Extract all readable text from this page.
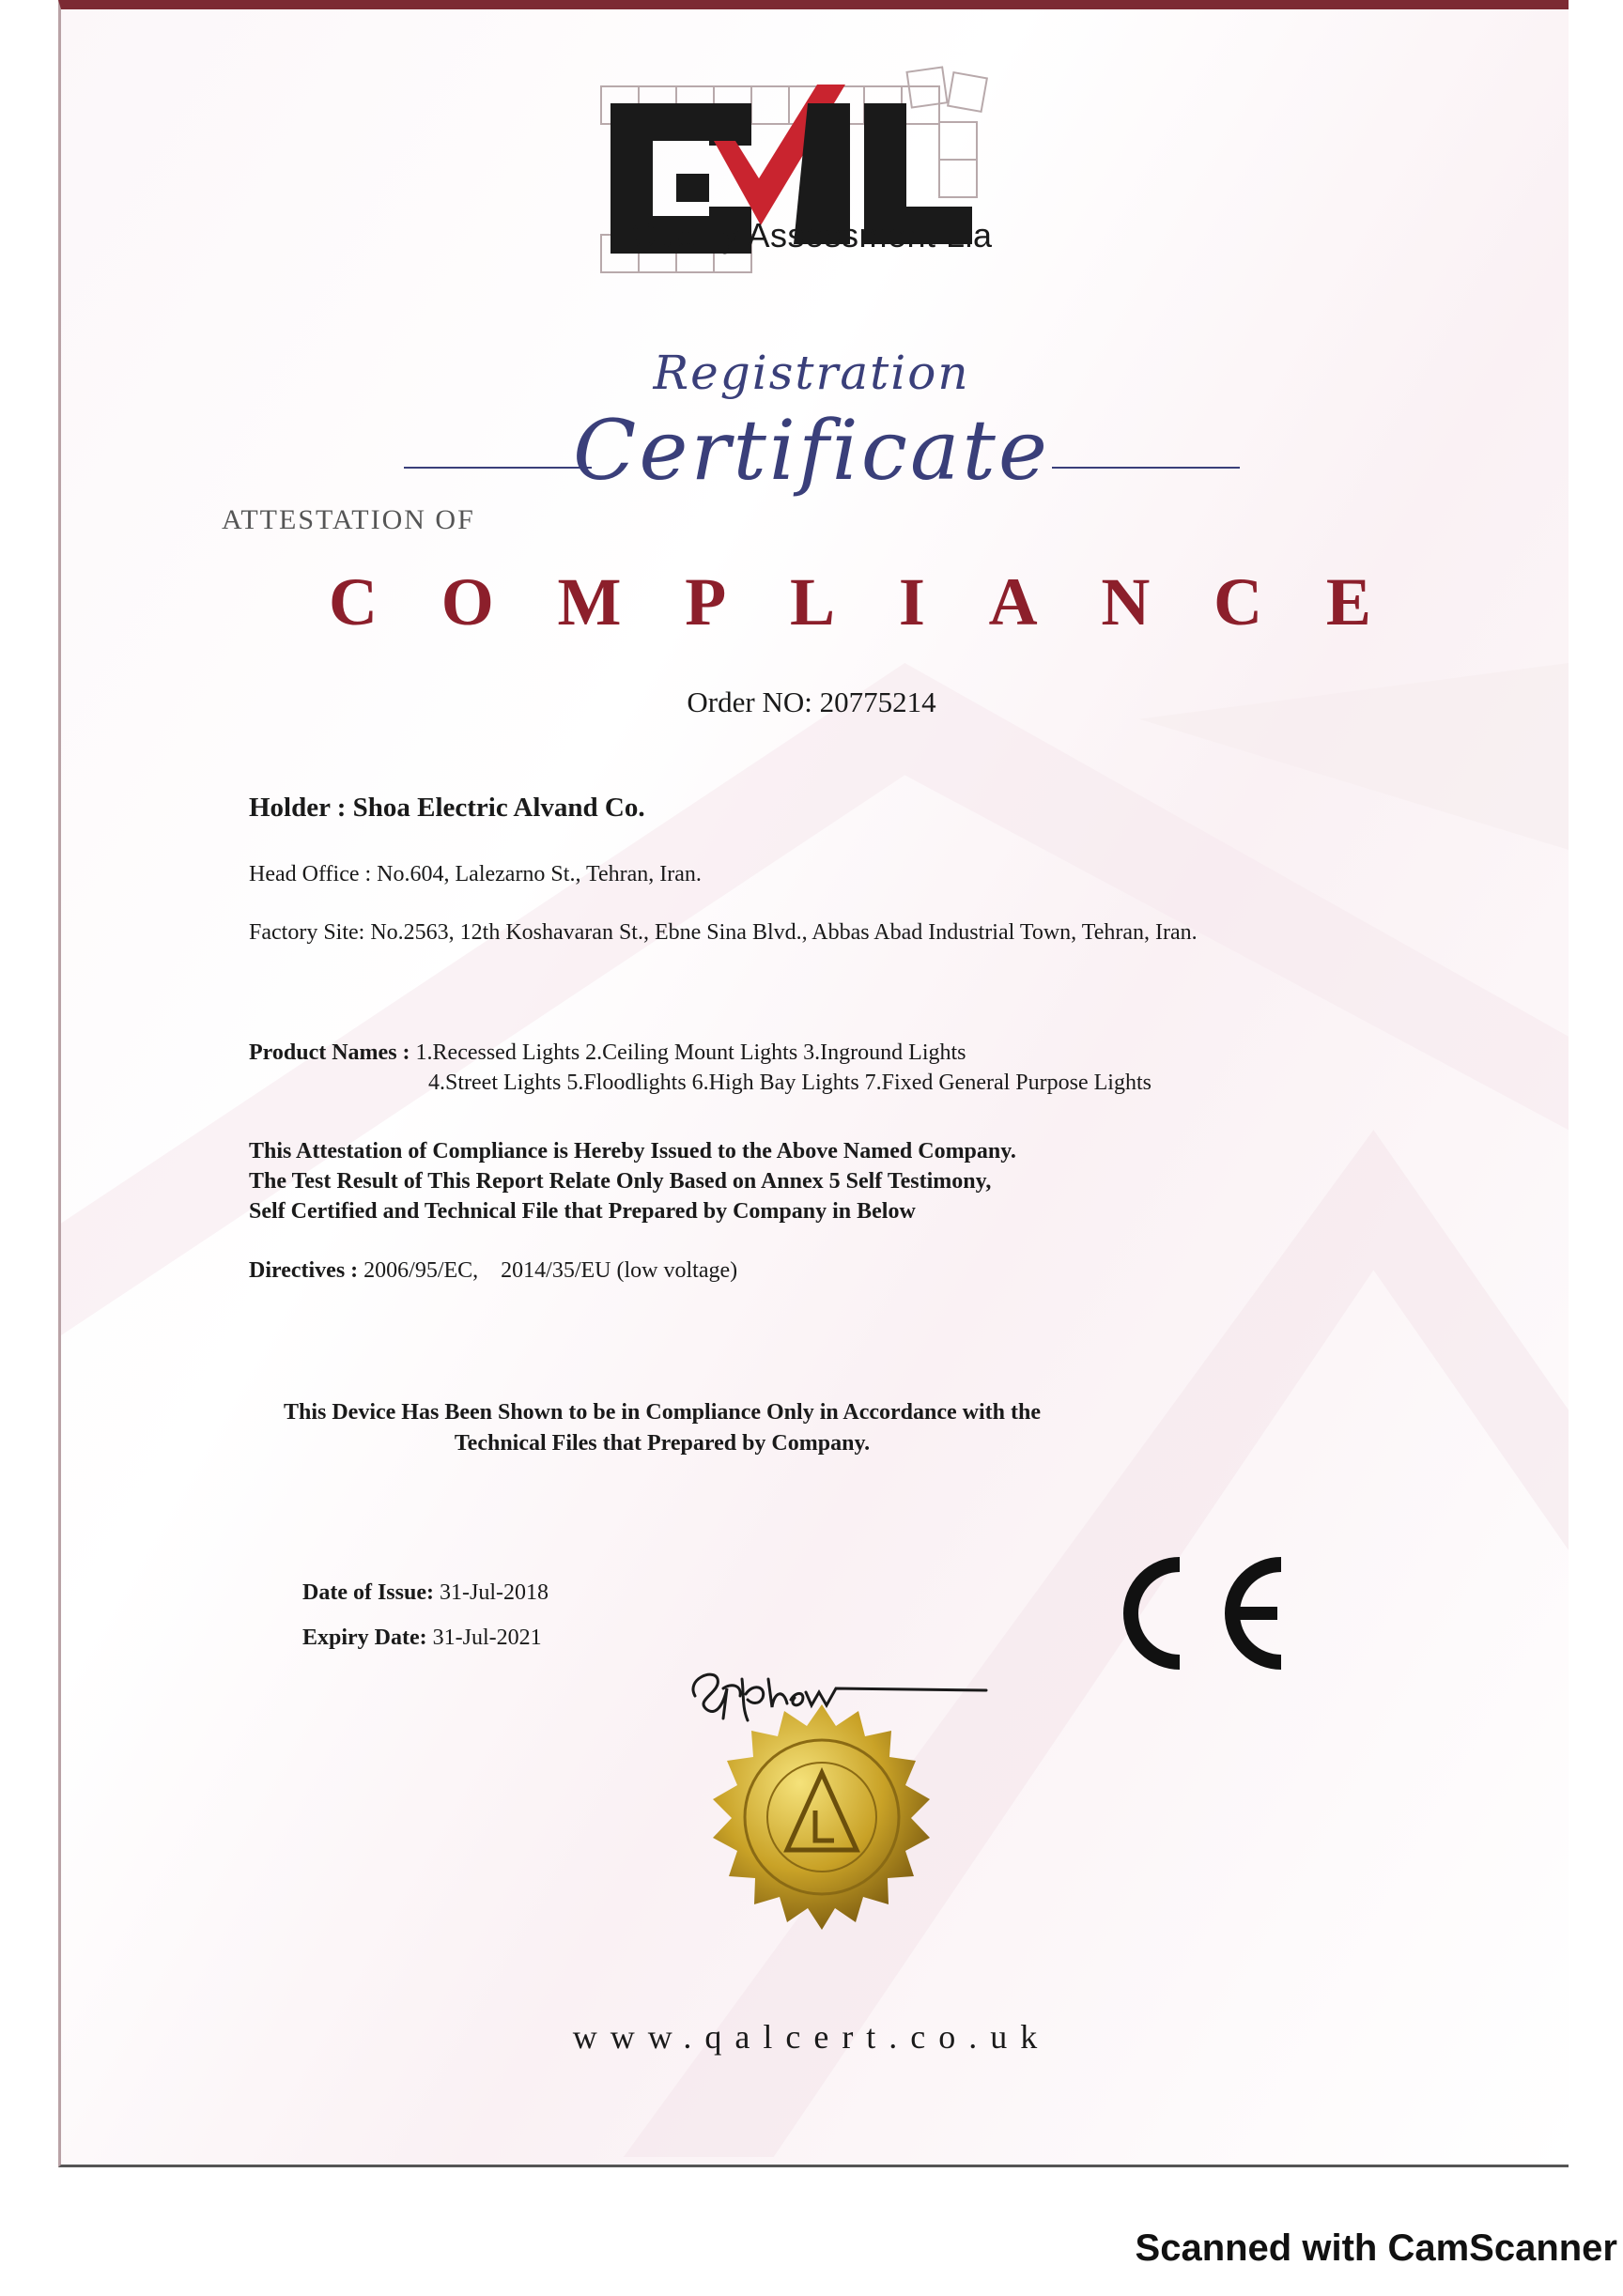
Quality Assessment Lia
Registration
Certificate
ATTESTATION OF
C O M P L I A N C E
Order NO: 20775214
Holder : Shoa Electric Alvand Co.
Head Office : No.604, Lalezarno St., Tehran, Iran.
Factory Site: No.2563, 12th Koshavaran St., Ebne Sina Blvd., Abbas Abad Industrial Town, Tehran, Iran.
Product Names : 1.Recessed Lights 2.Ceiling Mount Lights 3.Inground Lights
4.Street Lights 5.Floodlights 6.High Bay Lights 7.Fixed General Purpose Lights
This Attestation of Compliance is Hereby Issued to the Above Named Company.
The Test Result of This Report Relate Only Based on Annex 5 Self Testimony,
Self Certified and Technical File that Prepared by Company in Below
Directives : 2006/95/EC,    2014/35/EU (low voltage)
This Device Has Been Shown to be in Compliance Only in Accordance with the
Technical Files that Prepared by Company.
Date of Issue: 31-Jul-2018
Expiry Date: 31-Jul-2021
www.qalcert.co.uk
Scanned with CamScanner
